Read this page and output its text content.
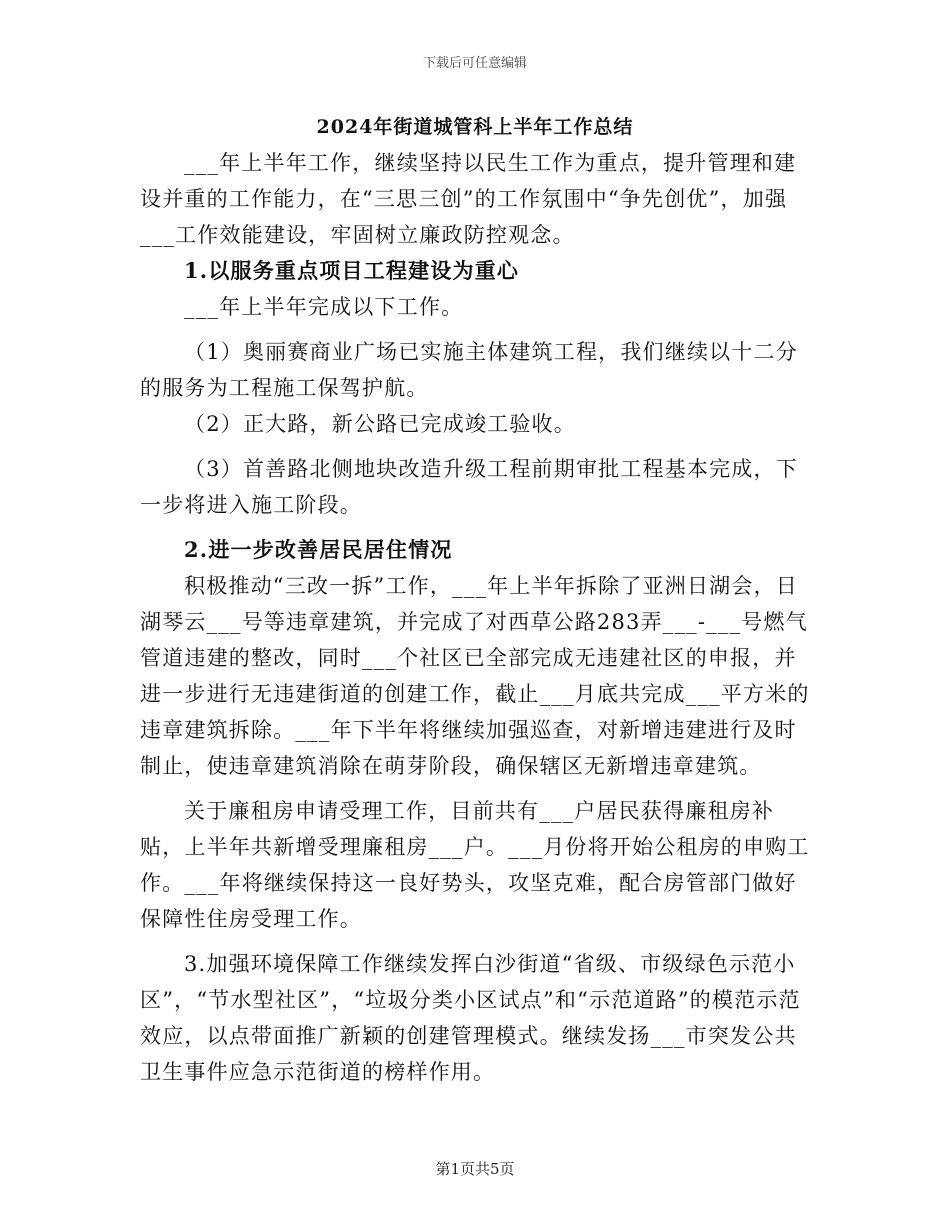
下载后可任意编辑
2024年街道城管科上半年工作总结

___年上半年工作，继续坚持以民生工作为重点，提升管理和建设并重的工作能力，在“三思三创”的工作氛围中“争先创优”，加强___工作效能建设，牢固树立廉政防控观念。

1.以服务重点项目工程建设为重心

___年上半年完成以下工作。

（1）奥丽赛商业广场已实施主体建筑工程，我们继续以十二分的服务为工程施工保驾护航。

（2）正大路，新公路已完成竣工验收。

（3）首善路北侧地块改造升级工程前期审批工程基本完成，下一步将进入施工阶段。

2.进一步改善居民居住情况

积极推动“三改一拆”工作，___年上半年拆除了亚洲日湖会，日湖琴云___号等违章建筑，并完成了对西草公路283弄___-___号燃气管道违建的整改，同时___个社区已全部完成无违建社区的申报，并进一步进行无违建街道的创建工作，截止___月底共完成___平方米的违章建筑拆除。___年下半年将继续加强巡查，对新增违建进行及时制止，使违章建筑消除在萌芽阶段，确保辖区无新增违章建筑。

关于廉租房申请受理工作，目前共有___户居民获得廉租房补贴，上半年共新增受理廉租房___户。___月份将开始公租房的申购工作。___年将继续保持这一良好势头，攻坚克难，配合房管部门做好保障性住房受理工作。

3.加强环境保障工作继续发挥白沙街道“省级、市级绿色示范小区”，“节水型社区”，“垃圾分类小区试点”和“示范道路”的模范示范效应，以点带面推广新颖的创建管理模式。继续发扬___市突发公共卫生事件应急示范街道的榜样作用。

第1页共5页
